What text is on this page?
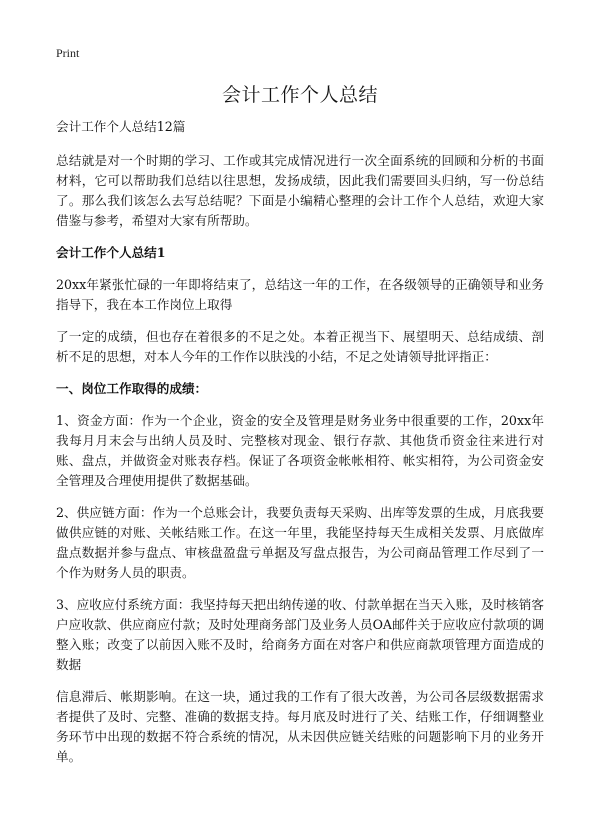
Print
会计工作个人总结

会计工作个人总结12篇

总结就是对一个时期的学习、工作或其完成情况进行一次全面系统的回顾和分析的书面材料，它可以帮助我们总结以往思想，发扬成绩，因此我们需要回头归纳，写一份总结了。那么我们该怎么去写总结呢？下面是小编精心整理的会计工作个人总结，欢迎大家借鉴与参考，希望对大家有所帮助。

会计工作个人总结1

20xx年紧张忙碌的一年即将结束了，总结这一年的工作，在各级领导的正确领导和业务指导下，我在本工作岗位上取得

了一定的成绩，但也存在着很多的不足之处。本着正视当下、展望明天、总结成绩、剖析不足的思想，对本人今年的工作作以肤浅的小结，不足之处请领导批评指正：

一、岗位工作取得的成绩：

1、资金方面：作为一个企业，资金的安全及管理是财务业务中很重要的工作，20xx年我每月月末会与出纳人员及时、完整核对现金、银行存款、其他货币资金往来进行对账、盘点，并做资金对账表存档。保证了各项资金帐帐相符、帐实相符，为公司资金安全管理及合理使用提供了数据基础。

2、供应链方面：作为一个总账会计，我要负责每天采购、出库等发票的生成，月底我要做供应链的对账、关帐结账工作。在这一年里，我能坚持每天生成相关发票、月底做库盘点数据并参与盘点、审核盘盈盘亏单据及写盘点报告，为公司商品管理工作尽到了一个作为财务人员的职责。

3、应收应付系统方面：我坚持每天把出纳传递的收、付款单据在当天入账，及时核销客户应收款、供应商应付款；及时处理商务部门及业务人员OA邮件关于应收应付款项的调整入账；改变了以前因入账不及时，给商务方面在对客户和供应商款项管理方面造成的数据

信息滞后、帐期影响。在这一块，通过我的工作有了很大改善，为公司各层级数据需求者提供了及时、完整、准确的数据支持。每月底及时进行了关、结账工作，仔细调整业务环节中出现的数据不符合系统的情况，从未因供应链关结账的问题影响下月的业务开单。
